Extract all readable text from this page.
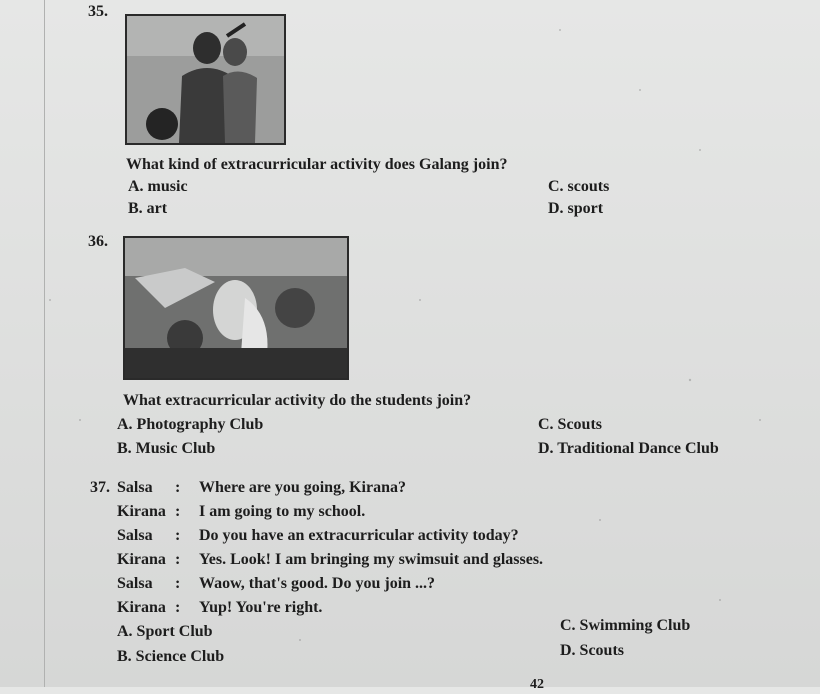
35.
What kind of extracurricular activity does Galang join?
A. music	C. scouts
B. art	D. sport
36.
What extracurricular activity do the students join?
A. Photography Club	C. Scouts
B. Music Club	D. Traditional Dance Club
37. Salsa : Where are you going, Kirana?
Kirana : I am going to my school.
Salsa : Do you have an extracurricular activity today?
Kirana : Yes. Look! I am bringing my swimsuit and glasses.
Salsa : Waow, that's good. Do you join ...?
Kirana : Yup! You're right.
A. Sport Club	C. Swimming Club
B. Science Club	D. Scouts
42
